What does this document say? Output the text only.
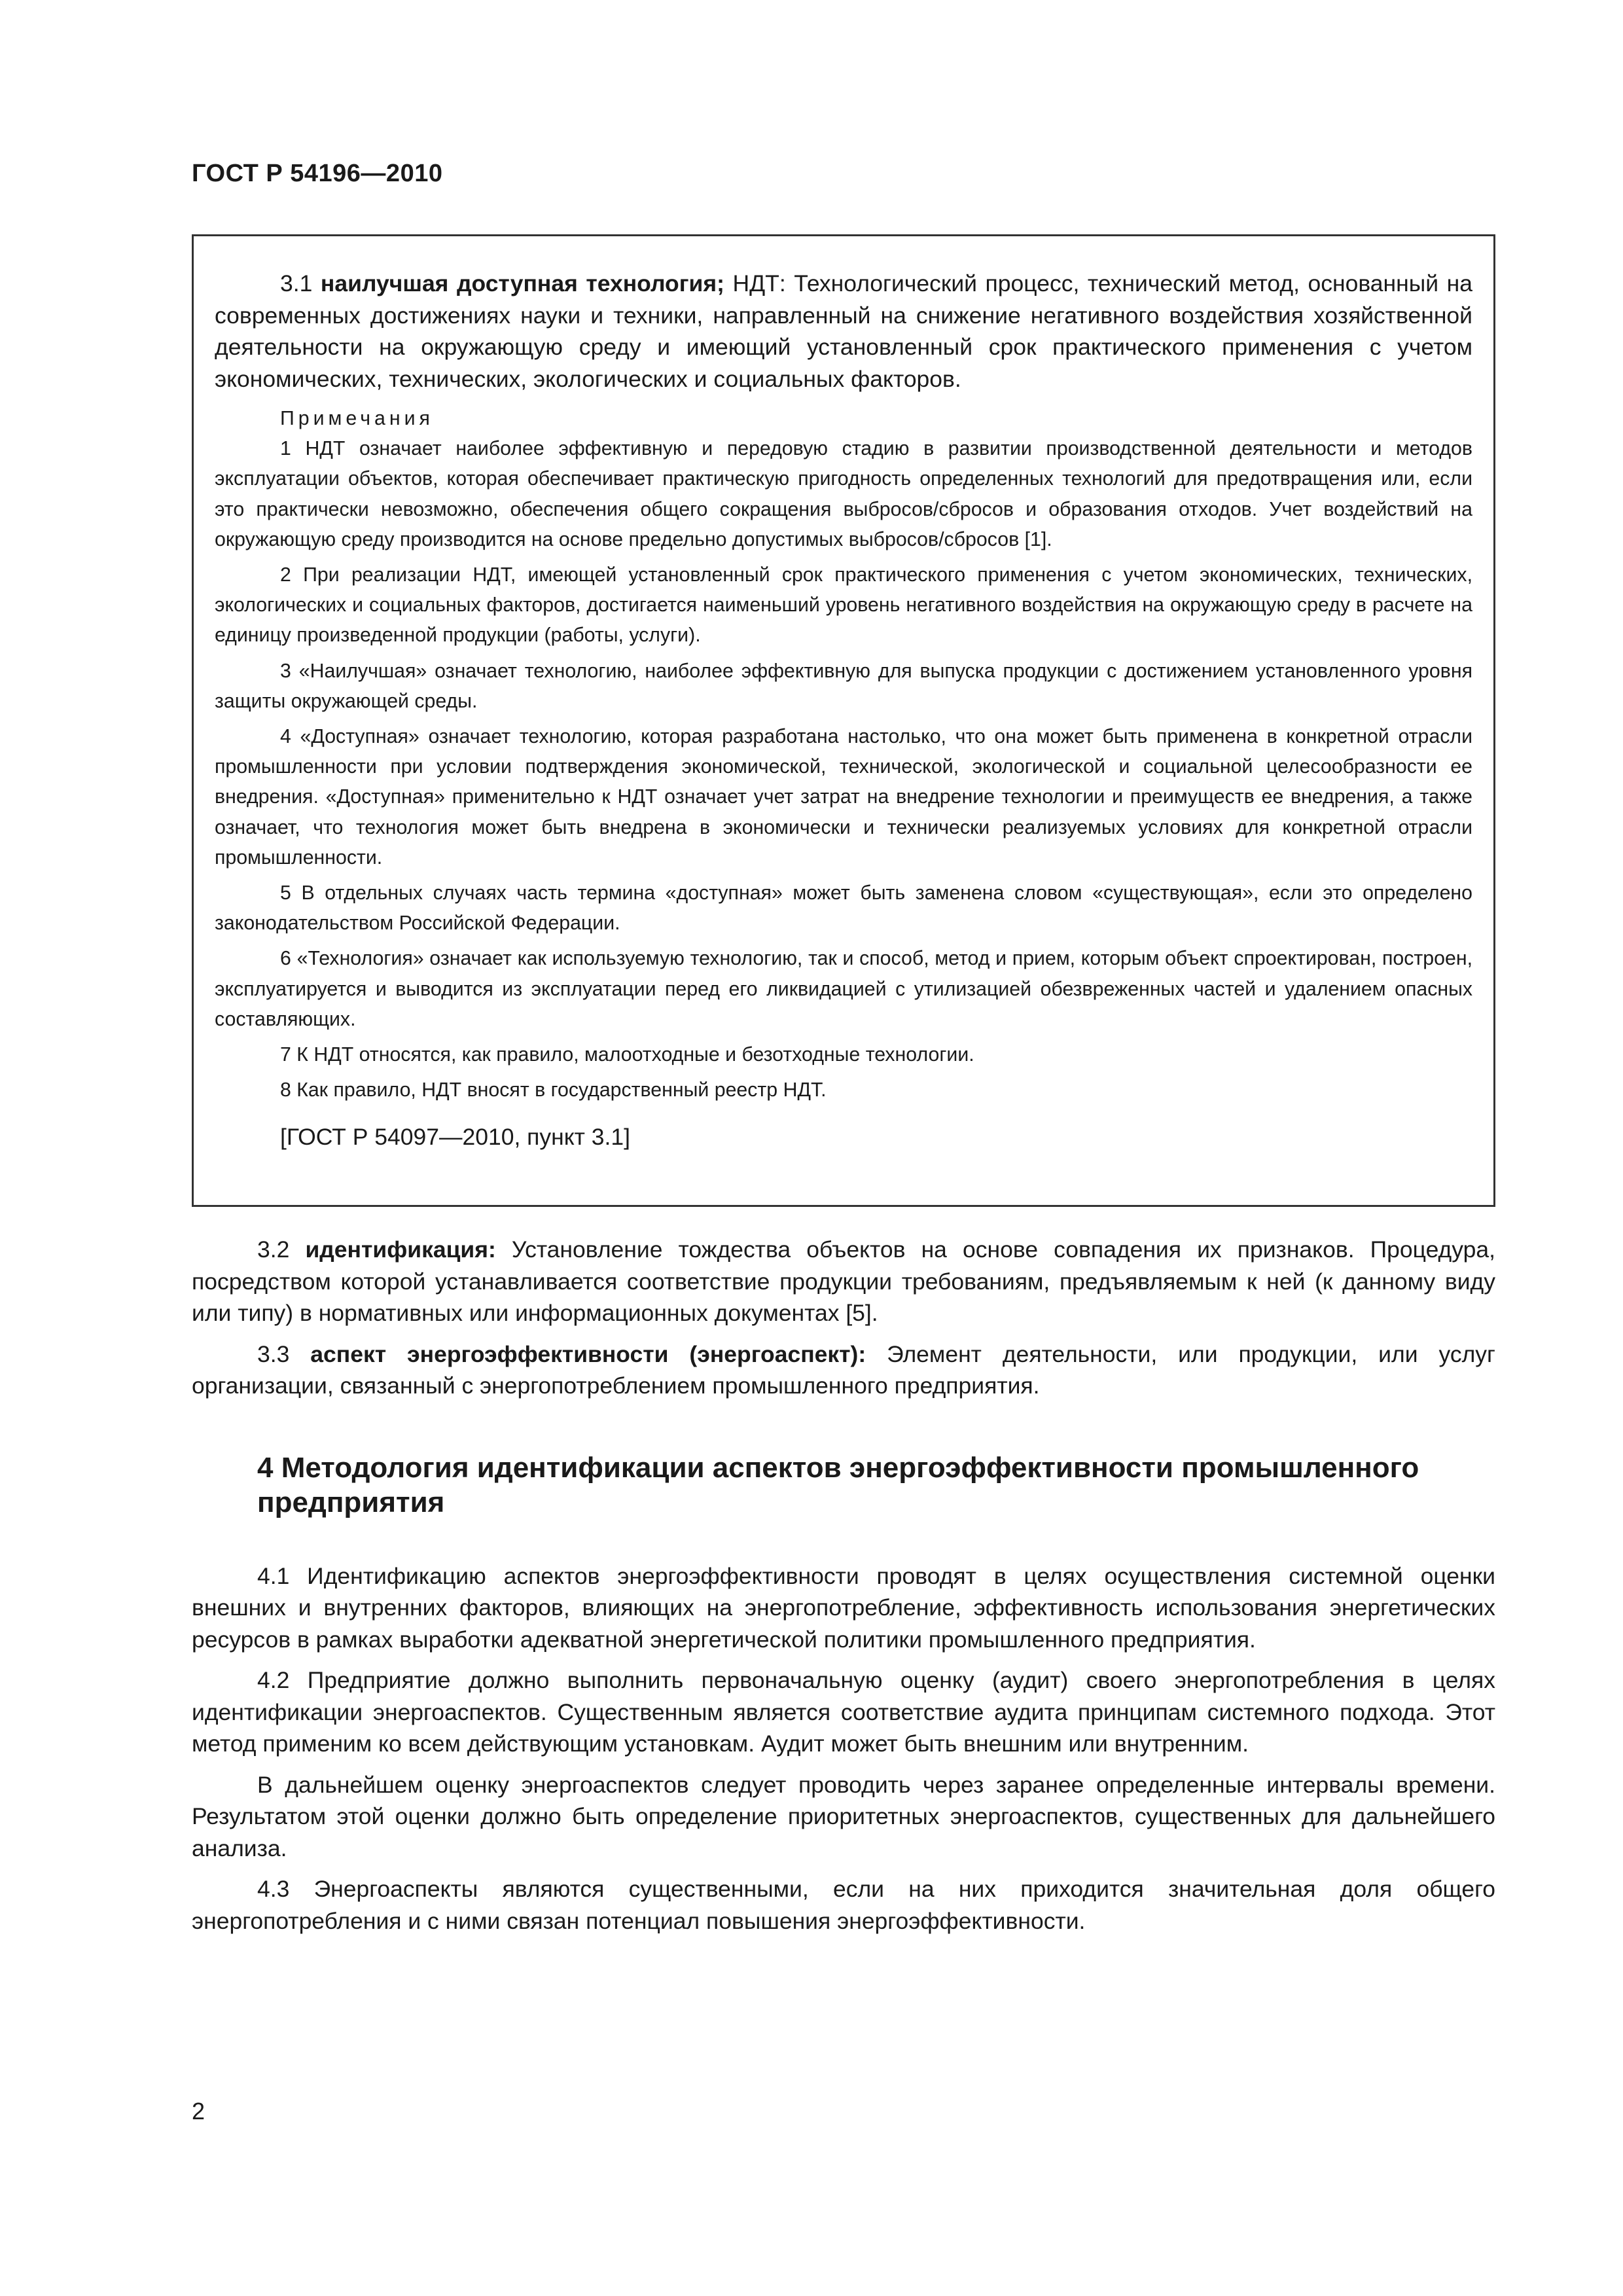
ГОСТ Р 54196—2010

3.1 наилучшая доступная технология; НДТ: Технологический процесс, технический метод, основанный на современных достижениях науки и техники, направленный на снижение негативного воздействия хозяйственной деятельности на окружающую среду и имеющий установленный срок практического применения с учетом экономических, технических, экологических и социальных факторов.

Примечания

1 НДТ означает наиболее эффективную и передовую стадию в развитии производственной деятельности и методов эксплуатации объектов, которая обеспечивает практическую пригодность определенных технологий для предотвращения или, если это практически невозможно, обеспечения общего сокращения выбросов/сбросов и образования отходов. Учет воздействий на окружающую среду производится на основе предельно допустимых выбросов/сбросов [1].

2 При реализации НДТ, имеющей установленный срок практического применения с учетом экономических, технических, экологических и социальных факторов, достигается наименьший уровень негативного воздействия на окружающую среду в расчете на единицу произведенной продукции (работы, услуги).

3 «Наилучшая» означает технологию, наиболее эффективную для выпуска продукции с достижением установленного уровня защиты окружающей среды.

4 «Доступная» означает технологию, которая разработана настолько, что она может быть применена в конкретной отрасли промышленности при условии подтверждения экономической, технической, экологической и социальной целесообразности ее внедрения. «Доступная» применительно к НДТ означает учет затрат на внедрение технологии и преимуществ ее внедрения, а также означает, что технология может быть внедрена в экономически и технически реализуемых условиях для конкретной отрасли промышленности.

5 В отдельных случаях часть термина «доступная» может быть заменена словом «существующая», если это определено законодательством Российской Федерации.

6 «Технология» означает как используемую технологию, так и способ, метод и прием, которым объект спроектирован, построен, эксплуатируется и выводится из эксплуатации перед его ликвидацией с утилизацией обезвреженных частей и удалением опасных составляющих.

7 К НДТ относятся, как правило, малоотходные и безотходные технологии.

8 Как правило, НДТ вносят в государственный реестр НДТ.

[ГОСТ Р 54097—2010, пункт 3.1]

3.2 идентификация: Установление тождества объектов на основе совпадения их признаков. Процедура, посредством которой устанавливается соответствие продукции требованиям, предъявляемым к ней (к данному виду или типу) в нормативных или информационных документах [5].

3.3 аспект энергоэффективности (энергоаспект): Элемент деятельности, или продукции, или услуг организации, связанный с энергопотреблением промышленного предприятия.

4 Методология идентификации аспектов энергоэффективности промышленного предприятия

4.1 Идентификацию аспектов энергоэффективности проводят в целях осуществления системной оценки внешних и внутренних факторов, влияющих на энергопотребление, эффективность использования энергетических ресурсов в рамках выработки адекватной энергетической политики промышленного предприятия.

4.2 Предприятие должно выполнить первоначальную оценку (аудит) своего энергопотребления в целях идентификации энергоаспектов. Существенным является соответствие аудита принципам системного подхода. Этот метод применим ко всем действующим установкам. Аудит может быть внешним или внутренним.

В дальнейшем оценку энергоаспектов следует проводить через заранее определенные интервалы времени. Результатом этой оценки должно быть определение приоритетных энергоаспектов, существенных для дальнейшего анализа.

4.3 Энергоаспекты являются существенными, если на них приходится значительная доля общего энергопотребления и с ними связан потенциал повышения энергоэффективности.

2
